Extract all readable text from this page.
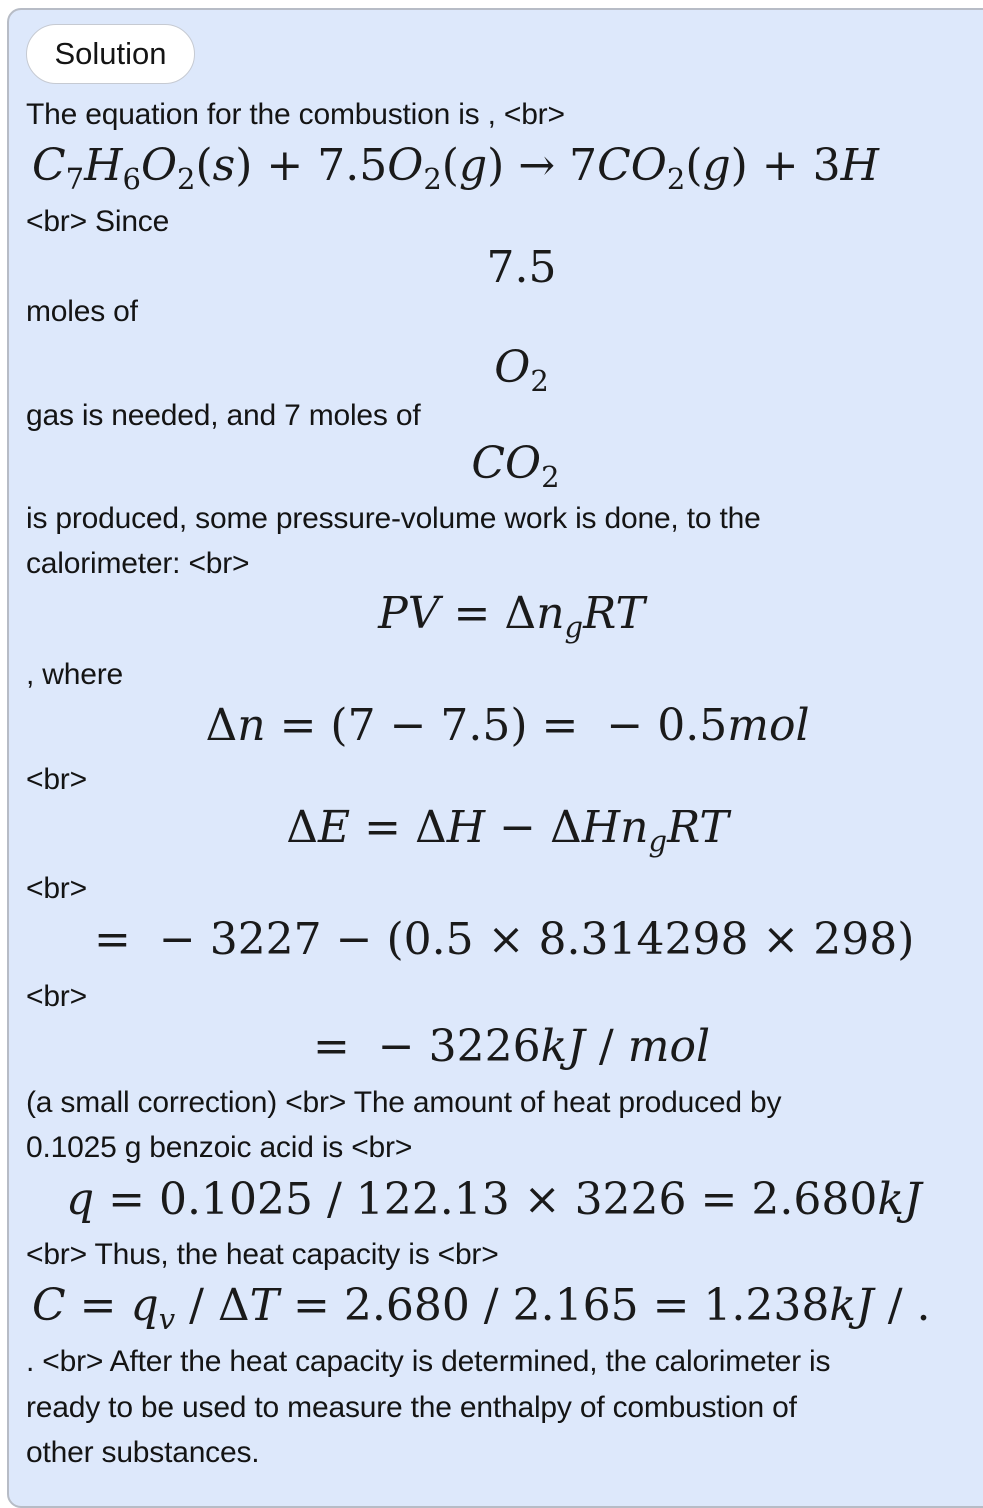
Solution
The equation for the combustion is , <br>
$C_7H_6O_2(s) + 7.5O_2(g) \to 7CO_2(g) + 3H$
<br> Since
7.5
moles of
$O_2$
gas is needed, and 7 moles of
$CO_2$
is produced, some pressure-volume work is done, to the
calorimeter: <br>
PV = $\Delta n_gRT$
, where
Δn = (7 − 7.5) =  − 0.5mol
<br>
ΔE = ΔH − ΔHn$_g$RT
<br>
=  − 3227 − (0.5 × 8.314298 × 298)
<br>
=  − 3226kJ / mol
(a small correction) <br> The amount of heat produced by
0.1025 g benzoic acid is <br>
q = 0.1025 / 122.13 × 3226 = 2.680kJ
<br> Thus, the heat capacity is <br>
$C = q_v / \Delta T = 2.680 / 2.165 = 1.238kJ$ / .
. <br> After the heat capacity is determined, the calorimeter is
ready to be used to measure the enthalpy of combustion of
other substances.
